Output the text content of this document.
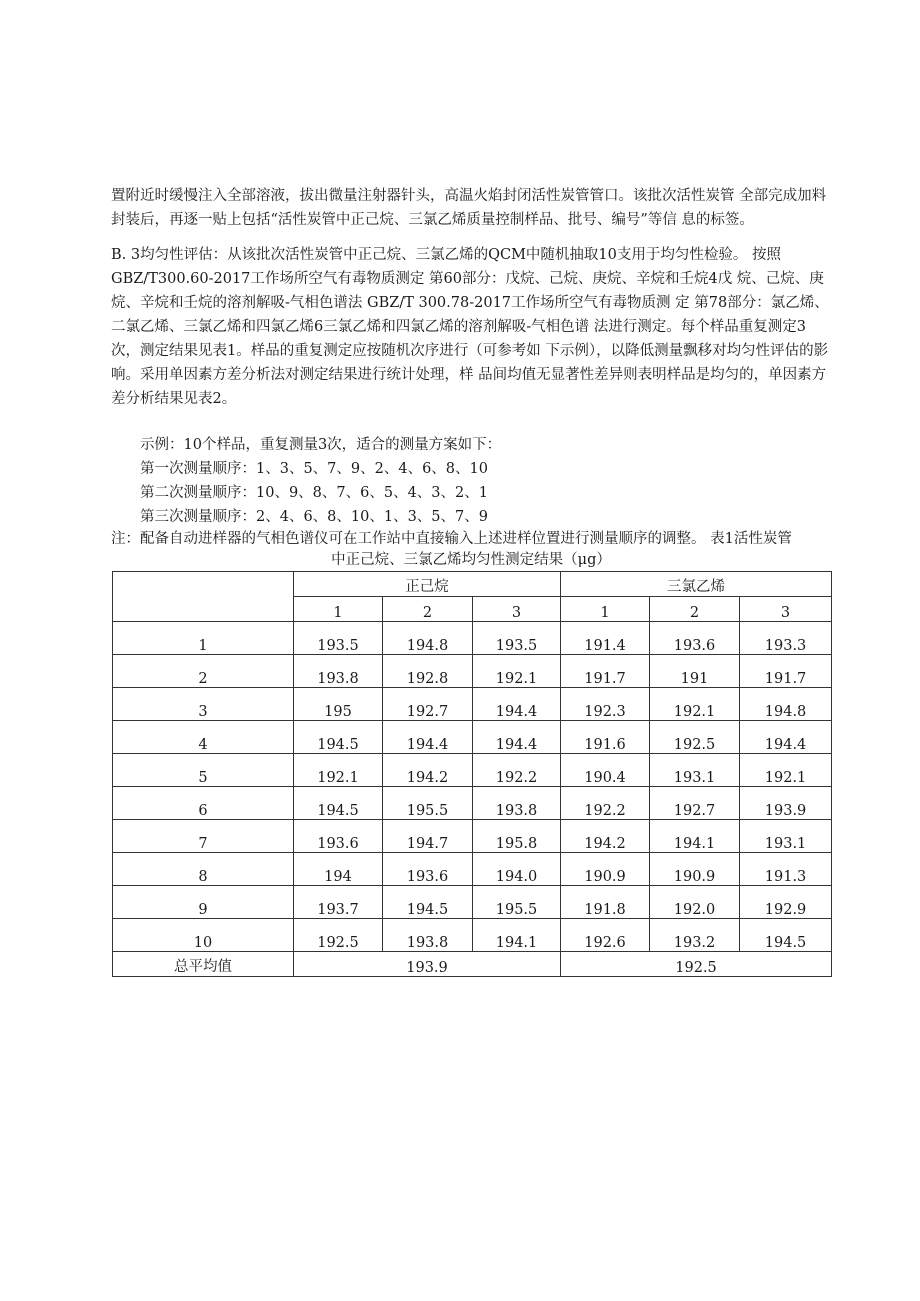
置附近时缓慢注入全部溶液，拔出微量注射器针头，高温火焰封闭活性炭管管口。该批次活性炭管 全部完成加料封装后，再逐一贴上包括“活性炭管中正己烷、三氯乙烯质量控制样品、批号、编号”等信 息的标签。

B. 3均匀性评估：从该批次活性炭管中正己烷、三氯乙烯的QCM中随机抽取10支用于均匀性检验。 按照GBZ/T300.60-2017工作场所空气有毒物质测定 第60部分：戊烷、己烷、庚烷、辛烷和壬烷4戊 烷、己烷、庚烷、辛烷和壬烷的溶剂解吸-气相色谱法 GBZ/T 300.78-2017工作场所空气有毒物质测 定 第78部分：氯乙烯、二氯乙烯、三氯乙烯和四氯乙烯6三氯乙烯和四氯乙烯的溶剂解吸-气相色谱 法进行测定。每个样品重复测定3次，测定结果见表1。样品的重复测定应按随机次序进行（可参考如 下示例），以降低测量飘移对均匀性评估的影响。采用单因素方差分析法对测定结果进行统计处理，样 品间均值无显著性差异则表明样品是均匀的，单因素方差分析结果见表2。

示例：10个样品，重复测量3次，适合的测量方案如下：

第一次测量顺序：1、3、5、7、9、2、4、6、8、10

第二次测量顺序：10、9、8、7、6、5、4、3、2、1

第三次测量顺序：2、4、6、8、10、1、3、5、7、9

注：配备自动进样器的气相色谱仪可在工作站中直接输入上述进样位置进行测量顺序的调整。 表1活性炭管
中正己烷、三氯乙烯均匀性测定结果（μg）
	正己烷			三氯乙烯		
	1	2	3	1	2	3
1	193.5	194.8	193.5	191.4	193.6	193.3
2	193.8	192.8	192.1	191.7	191	191.7
3	195	192.7	194.4	192.3	192.1	194.8
4	194.5	194.4	194.4	191.6	192.5	194.4
5	192.1	194.2	192.2	190.4	193.1	192.1
6	194.5	195.5	193.8	192.2	192.7	193.9
7	193.6	194.7	195.8	194.2	194.1	193.1
8	194	193.6	194.0	190.9	190.9	191.3
9	193.7	194.5	195.5	191.8	192.0	192.9
10	192.5	193.8	194.1	192.6	193.2	194.5
总平均值	193.9			192.5		
